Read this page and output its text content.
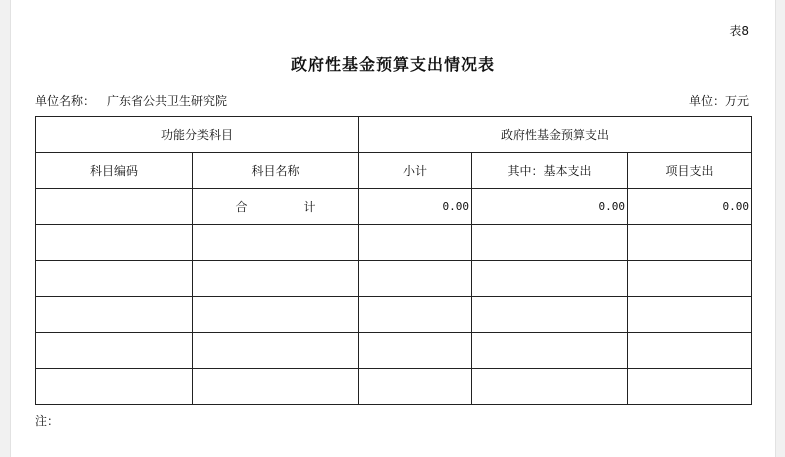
表8
政府性基金预算支出情况表
单位名称： 广东省公共卫生研究院	单位：万元
功能分类科目		政府性基金预算支出		
科目编码	科目名称	小计	其中：基本支出	项目支出
	合 计	0.00	0.00	0.00

注：
